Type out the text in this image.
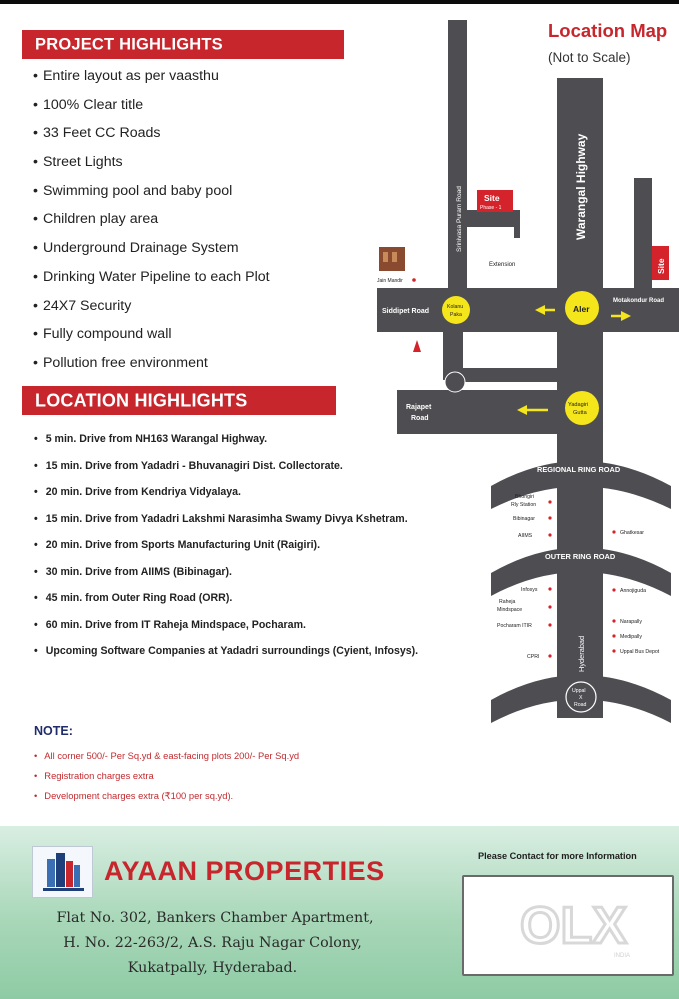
PROJECT HIGHLIGHTS
• Entire layout as per vaasthu
• 100% Clear title
• 33 Feet CC Roads
• Street Lights
• Swimming pool and baby pool
• Children play area
• Underground Drainage System
• Drinking Water Pipeline to each Plot
• 24X7 Security
• Fully compound wall
• Pollution free environment
LOCATION HIGHLIGHTS
• 5 min. Drive from NH163 Warangal Highway.
• 15 min. Drive from Yadadri - Bhuvanagiri Dist. Collectorate.
• 20 min. Drive from Kendriya Vidyalaya.
• 15 min. Drive from Yadadri Lakshmi Narasimha Swamy Divya Kshetram.
• 20 min. Drive from Sports Manufacturing Unit (Raigiri).
• 30 min. Drive from AIIMS (Bibinagar).
• 45 min. from Outer Ring Road (ORR).
• 60 min. Drive from IT Raheja Mindspace, Pocharam.
• Upcoming Software Companies at Yadadri surroundings (Cyient, Infosys).
NOTE:
• All corner 500/- Per Sq.yd & east-facing plots 200/- Per Sq.yd
• Registration charges extra
• Development charges extra (₹100 per sq.yd).
Location Map
(Not to Scale)
Warangal Highway
Srinivasa Puram Road
Siddipet Road
Motakondur Road
Rajapet
Road
REGIONAL RING ROAD
OUTER RING ROAD
Hyderabad
Extension
Site
Phase - 1
Site
Jain Mandir
Kolanu
Paka
Aler
Yadagiri
Gutta
Uppal
X
Road
Bhongiri
Rly Station
Bibinagar
AIIMS
Infosys
Raheja
Mindspace
Pocharam ITIR
CPRI
Ghatkesar
Annojiguda
Narapally
Medipally
Uppal Bus Depot
AYAAN PROPERTIES
Flat No. 302, Bankers Chamber Apartment,
H. No. 22-263/2, A.S. Raju Nagar Colony,
Kukatpally, Hyderabad.
Please Contact for more Information
OLX
INDIA
